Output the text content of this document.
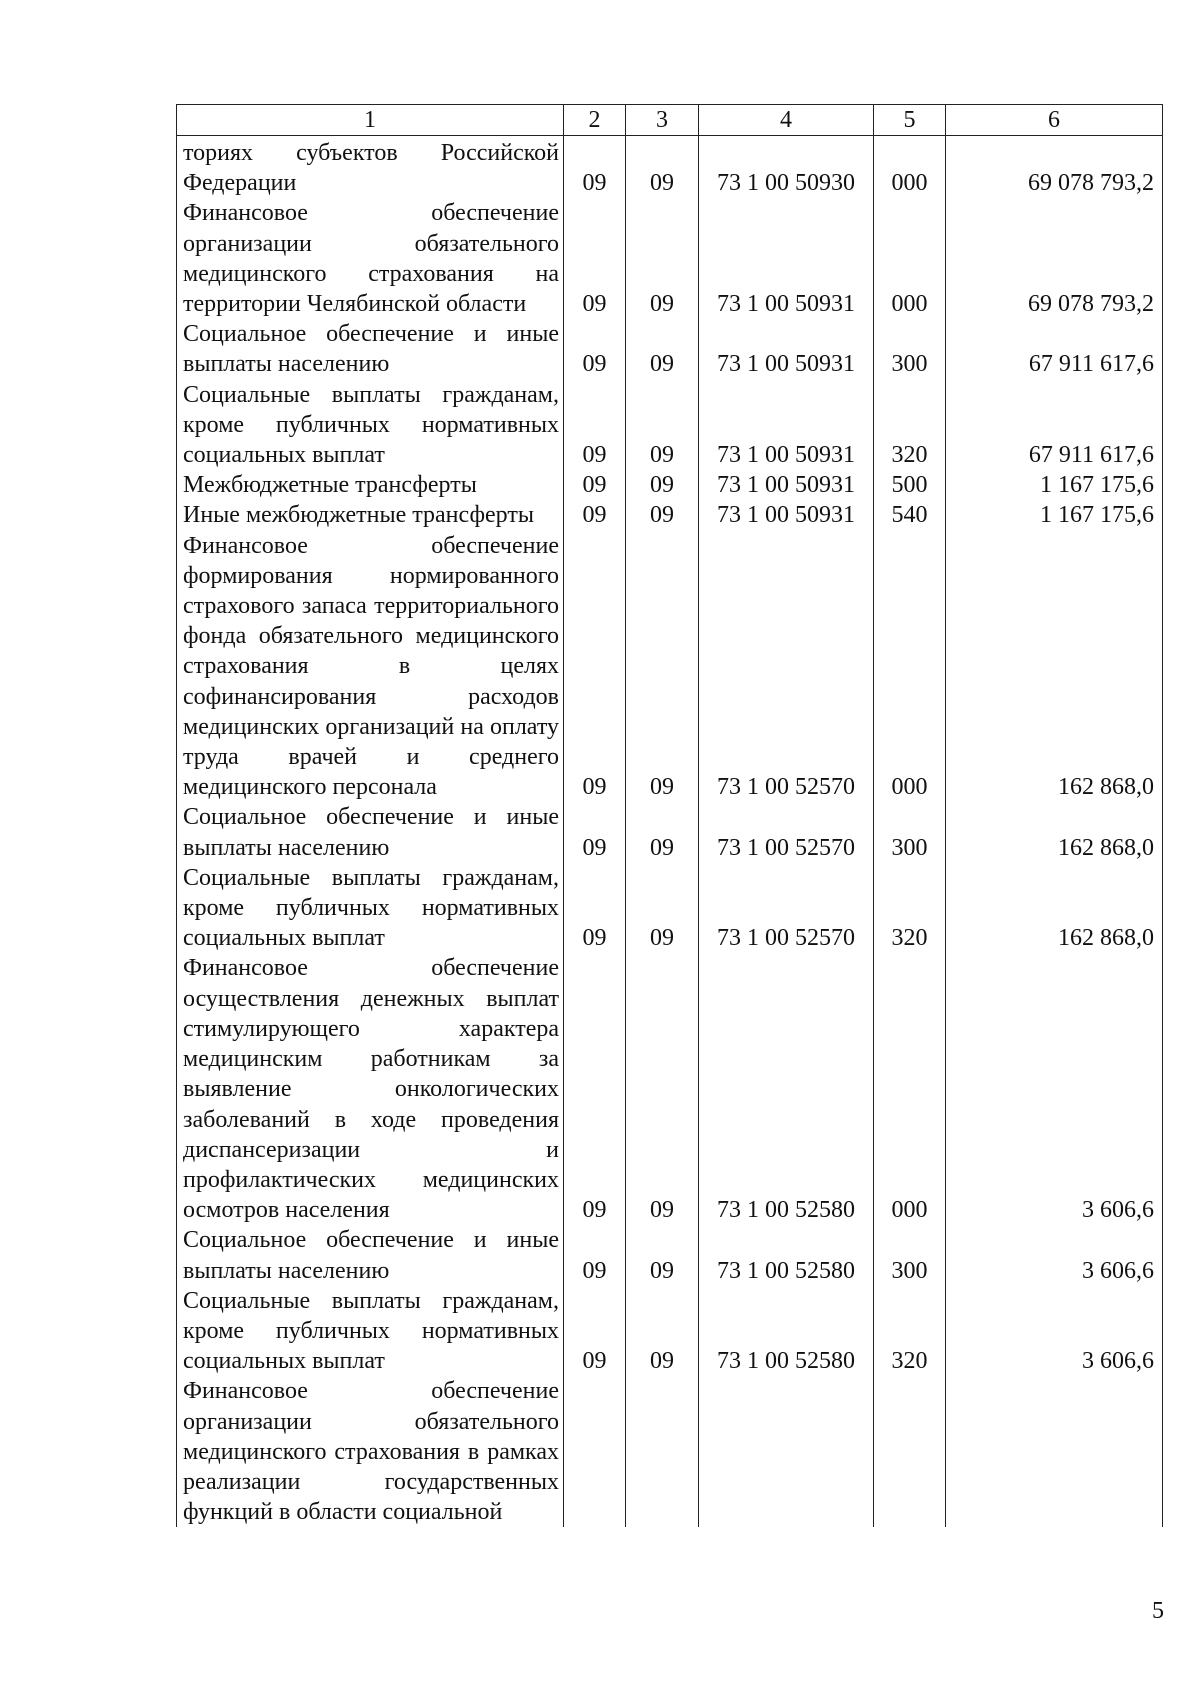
1	2	3	4	5	6
ториях субъектов Российской Федерации	09	09	73 1 00 50930	000	69 078 793,2
Финансовое обеспечение организации обязательного медицинского страхования на территории Челябинской области	09	09	73 1 00 50931	000	69 078 793,2
Социальное обеспечение и иные выплаты населению	09	09	73 1 00 50931	300	67 911 617,6
Социальные выплаты гражданам, кроме публичных нормативных социальных выплат	09	09	73 1 00 50931	320	67 911 617,6
Межбюджетные трансферты	09	09	73 1 00 50931	500	1 167 175,6
Иные межбюджетные трансферты	09	09	73 1 00 50931	540	1 167 175,6
Финансовое обеспечение формирования нормированного страхового запаса территориального фонда обязательного медицинского страхования в целях софинансирования расходов медицинских организаций на оплату труда врачей и среднего медицинского персонала	09	09	73 1 00 52570	000	162 868,0
Социальное обеспечение и иные выплаты населению	09	09	73 1 00 52570	300	162 868,0
Социальные выплаты гражданам, кроме публичных нормативных социальных выплат	09	09	73 1 00 52570	320	162 868,0
Финансовое обеспечение осуществления денежных выплат стимулирующего характера медицинским работникам за выявление онкологических заболеваний в ходе проведения диспансеризации и профилактических медицинских осмотров населения	09	09	73 1 00 52580	000	3 606,6
Социальное обеспечение и иные выплаты населению	09	09	73 1 00 52580	300	3 606,6
Социальные выплаты гражданам, кроме публичных нормативных социальных выплат	09	09	73 1 00 52580	320	3 606,6
Финансовое обеспечение организации обязательного медицинского страхования в рамках реализации государственных функций в области социальной					
5
